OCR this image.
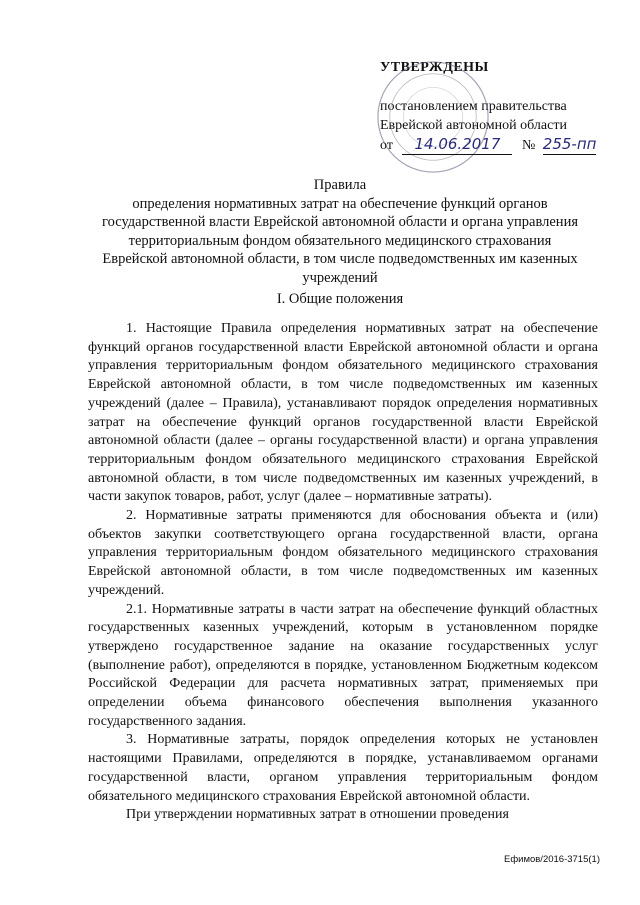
УТВЕРЖДЕНЫ
постановлением правительства
Еврейской автономной области
от 14.06.2017 № 255-пп
Правила
определения нормативных затрат на обеспечение функций органов
государственной власти Еврейской автономной области и органа управления
территориальным фондом обязательного медицинского страхования
Еврейской автономной области, в том числе подведомственных им казенных
учреждений
I. Общие положения

1. Настоящие Правила определения нормативных затрат на обеспечение функций органов государственной власти Еврейской автономной области и органа управления территориальным фондом обязательного медицинского страхования Еврейской автономной области, в том числе подведомственных им казенных учреждений (далее – Правила), устанавливают порядок определения нормативных затрат на обеспечение функций органов государственной власти Еврейской автономной области (далее – органы государственной власти) и органа управления территориальным фондом обязательного медицинского страхования Еврейской автономной области, в том числе подведомственных им казенных учреждений, в части закупок товаров, работ, услуг (далее – нормативные затраты).

2. Нормативные затраты применяются для обоснования объекта и (или) объектов закупки соответствующего органа государственной власти, органа управления территориальным фондом обязательного медицинского страхования Еврейской автономной области, в том числе подведомственных им казенных учреждений.

2.1. Нормативные затраты в части затрат на обеспечение функций областных государственных казенных учреждений, которым в установленном порядке утверждено государственное задание на оказание государственных услуг (выполнение работ), определяются в порядке, установленном Бюджетным кодексом Российской Федерации для расчета нормативных затрат, применяемых при определении объема финансового обеспечения выполнения указанного государственного задания.

3. Нормативные затраты, порядок определения которых не установлен настоящими Правилами, определяются в порядке, устанавливаемом органами государственной власти, органом управления территориальным фондом обязательного медицинского страхования Еврейской автономной области.

При утверждении нормативных затрат в отношении проведения

Ефимов/2016-3715(1)
